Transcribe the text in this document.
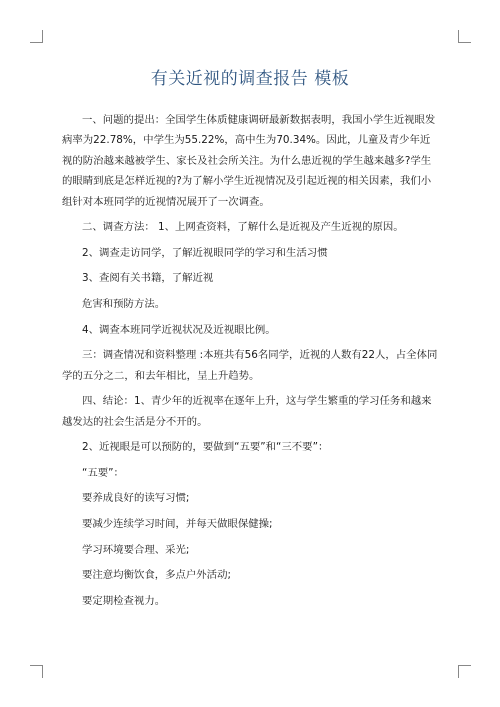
有关近视的调查报告 模板

一、问题的提出：全国学生体质健康调研最新数据表明，我国小学生近视眼发病率为22.78%，中学生为55.22%，高中生为70.34%。因此，儿童及青少年近视的防治越来越被学生、家长及社会所关注。为什么患近视的学生越来越多?学生的眼睛到底是怎样近视的?为了解小学生近视情况及引起近视的相关因素，我们小组针对本班同学的近视情况展开了一次调查。

二、调查方法： 1、上网查资料，了解什么是近视及产生近视的原因。

2、调查走访同学，了解近视眼同学的学习和生活习惯

3、查阅有关书籍，了解近视

危害和预防方法。

4、调查本班同学近视状况及近视眼比例。

三：调查情况和资料整理 :本班共有56名同学，近视的人数有22人，占全体同学的五分之二，和去年相比，呈上升趋势。

四、结论：1、青少年的近视率在逐年上升，这与学生繁重的学习任务和越来越发达的社会生活是分不开的。

2、近视眼是可以预防的，要做到“五要”和“三不要”：

“五要”：

要养成良好的读写习惯;

要减少连续学习时间，并每天做眼保健操;

学习环境要合理、采光;

要注意均衡饮食，多点户外活动;

要定期检查视力。
